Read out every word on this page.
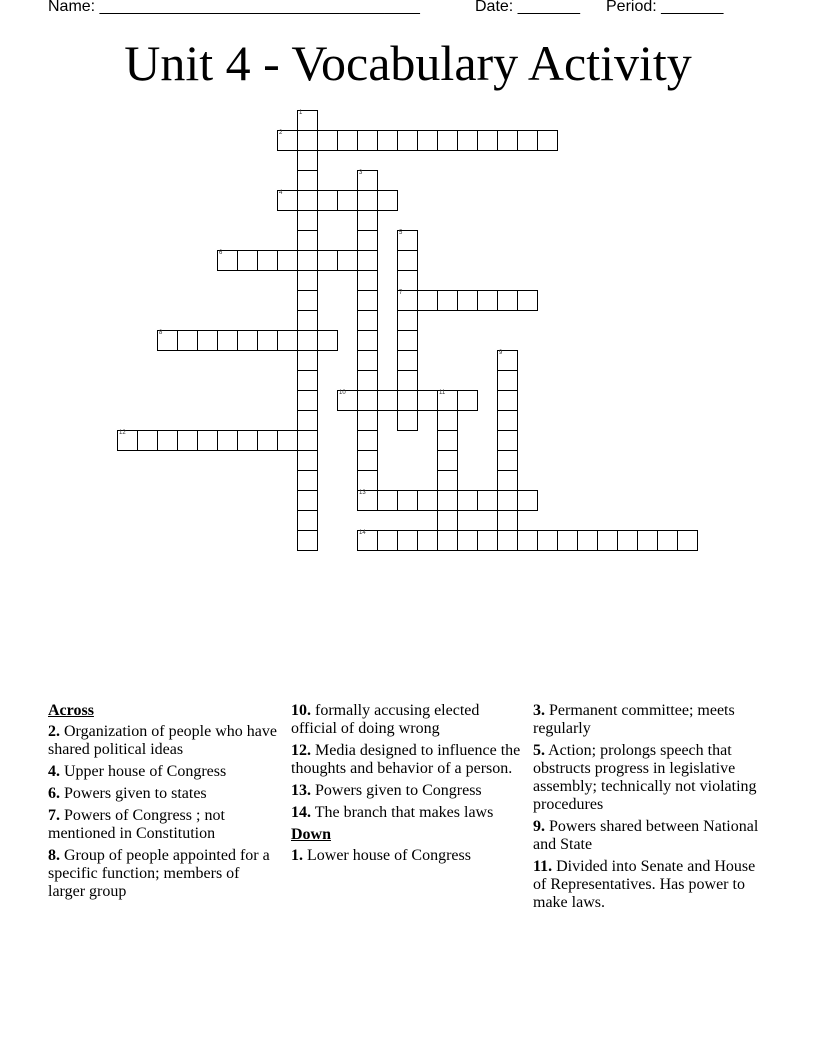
Name: ____________________________________	Date: _______ Period: _______
Unit 4 - Vocabulary Activity
1
2
3
13
4
5
7
6
8
9
10	11
12
14
Across
2. Organization of people who have shared political ideas
4. Upper house of Congress
6. Powers given to states
7. Powers of Congress ; not mentioned in Constitution
8. Group of people appointed for a specific function; members of larger group
10. formally accusing elected official of doing wrong
12. Media designed to influence the thoughts and behavior of a person.
13. Powers given to Congress
14. The branch that makes laws
Down
1. Lower house of Congress
3. Permanent committee; meets regularly
5. Action; prolongs speech that obstructs progress in legislative assembly; technically not violating procedures
9. Powers shared between National and State
11. Divided into Senate and House of Representatives. Has power to make laws.
